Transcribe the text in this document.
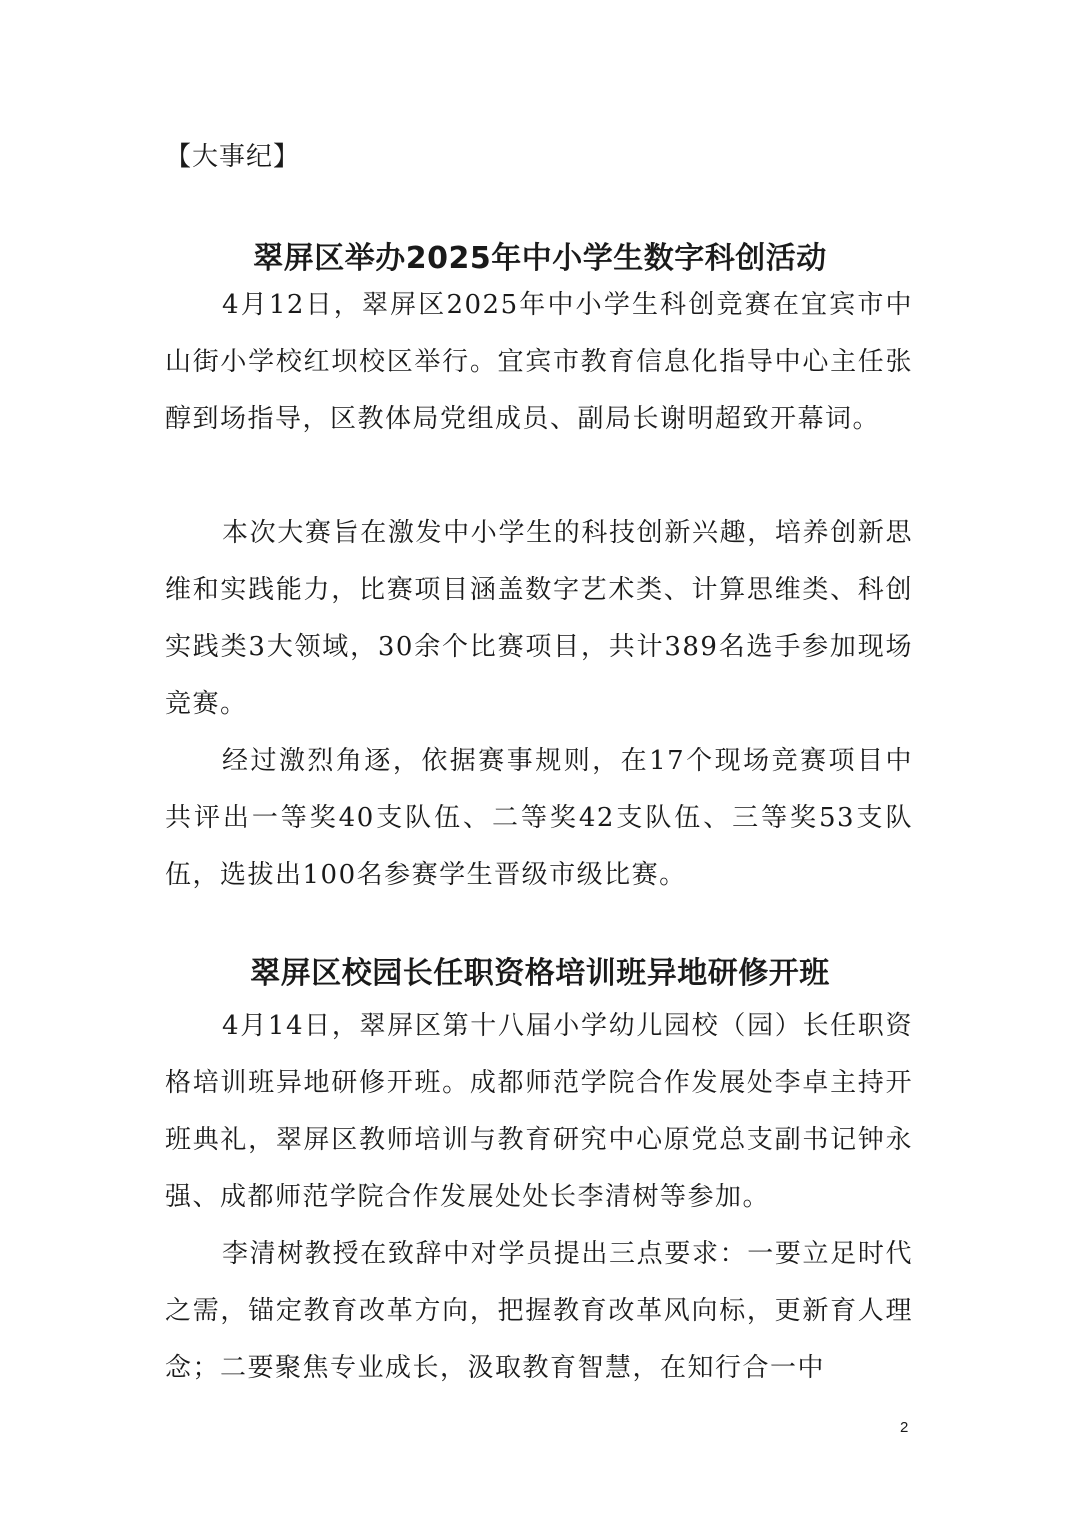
【大事纪】
翠屏区举办2025年中小学生数字科创活动

4月12日，翠屏区2025年中小学生科创竞赛在宜宾市中山街小学校红坝校区举行。宜宾市教育信息化指导中心主任张醇到场指导，区教体局党组成员、副局长谢明超致开幕词。

本次大赛旨在激发中小学生的科技创新兴趣，培养创新思维和实践能力，比赛项目涵盖数字艺术类、计算思维类、科创实践类3大领域，30余个比赛项目，共计389名选手参加现场竞赛。

经过激烈角逐，依据赛事规则，在17个现场竞赛项目中共评出一等奖40支队伍、二等奖42支队伍、三等奖53支队伍，选拔出100名参赛学生晋级市级比赛。

翠屏区校园长任职资格培训班异地研修开班

4月14日，翠屏区第十八届小学幼儿园校（园）长任职资格培训班异地研修开班。成都师范学院合作发展处李卓主持开班典礼，翠屏区教师培训与教育研究中心原党总支副书记钟永强、成都师范学院合作发展处处长李清树等参加。

李清树教授在致辞中对学员提出三点要求：一要立足时代之需，锚定教育改革方向，把握教育改革风向标，更新育人理念；二要聚焦专业成长，汲取教育智慧，在知行合一中

2
